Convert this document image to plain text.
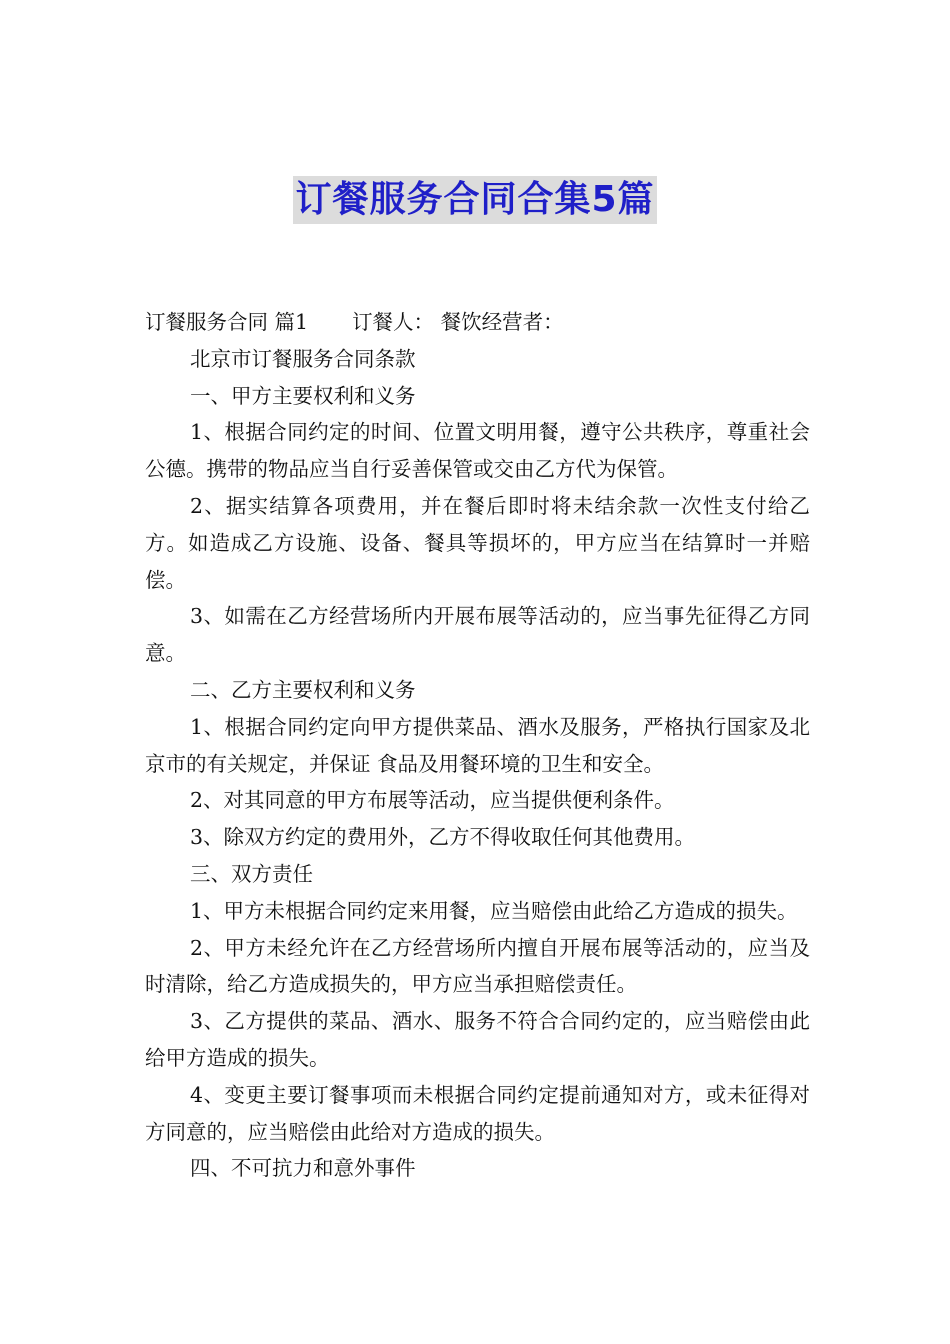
订餐服务合同合集5篇

订餐服务合同 篇1 订餐人： 餐饮经营者：

北京市订餐服务合同条款

一、甲方主要权利和义务

1、根据合同约定的时间、位置文明用餐，遵守公共秩序，尊重社会公德。携带的物品应当自行妥善保管或交由乙方代为保管。

2、据实结算各项费用，并在餐后即时将未结余款一次性支付给乙方。如造成乙方设施、设备、餐具等损坏的，甲方应当在结算时一并赔偿。

3、如需在乙方经营场所内开展布展等活动的，应当事先征得乙方同意。

二、乙方主要权利和义务

1、根据合同约定向甲方提供菜品、酒水及服务，严格执行国家及北京市的有关规定，并保证 食品及用餐环境的卫生和安全。

2、对其同意的甲方布展等活动，应当提供便利条件。

3、除双方约定的费用外，乙方不得收取任何其他费用。

三、双方责任

1、甲方未根据合同约定来用餐，应当赔偿由此给乙方造成的损失。

2、甲方未经允许在乙方经营场所内擅自开展布展等活动的，应当及时清除，给乙方造成损失的，甲方应当承担赔偿责任。

3、乙方提供的菜品、酒水、服务不符合合同约定的，应当赔偿由此给甲方造成的损失。

4、变更主要订餐事项而未根据合同约定提前通知对方，或未征得对方同意的，应当赔偿由此给对方造成的损失。

四、不可抗力和意外事件
